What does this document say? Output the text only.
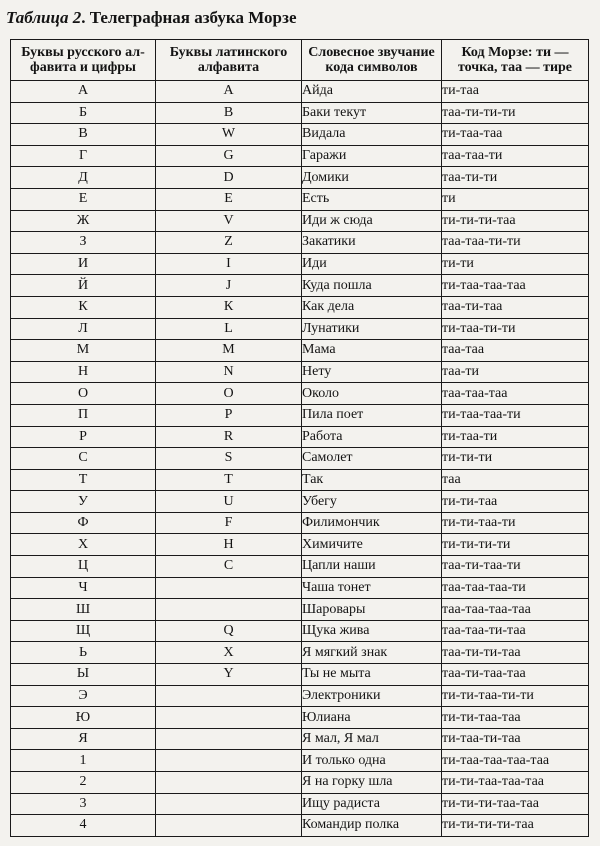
Таблица 2. Телеграфная азбука Морзе
Буквы русского ал-
фавита и цифры	Буквы латинского
алфавита	Словесное звучание
кода символов	Код Морзе: ти —
точка, таа — тире
А	А	Айда	ти-таа
Б	В	Баки текут	таа-ти-ти-ти
В	W	Видала	ти-таа-таа
Г	G	Гаражи	таа-таа-ти
Д	D	Домики	таа-ти-ти
Е	Е	Есть	ти
Ж	V	Иди ж сюда	ти-ти-ти-таа
З	Z	Закатики	таа-таа-ти-ти
И	I	Иди	ти-ти
Й	J	Куда пошла	ти-таа-таа-таа
К	К	Как дела	таа-ти-таа
Л	L	Лунатики	ти-таа-ти-ти
М	М	Мама	таа-таа
Н	N	Нету	таа-ти
О	О	Около	таа-таа-таа
П	Р	Пила поет	ти-таа-таа-ти
Р	R	Работа	ти-таа-ти
С	S	Самолет	ти-ти-ти
Т	Т	Так	таа
У	U	Убегу	ти-ти-таа
Ф	F	Филимончик	ти-ти-таа-ти
Х	Н	Химичите	ти-ти-ти-ти
Ц	С	Цапли наши	таа-ти-таа-ти
Ч		Чаша тонет	таа-таа-таа-ти
Ш		Шаровары	таа-таа-таа-таа
Щ	Q	Щука жива	таа-таа-ти-таа
Ь	X	Я мягкий знак	таа-ти-ти-таа
Ы	Y	Ты не мыта	таа-ти-таа-таа
Э		Электроники	ти-ти-таа-ти-ти
Ю		Юлиана	ти-ти-таа-таа
Я		Я мал, Я мал	ти-таа-ти-таа
1		И только одна	ти-таа-таа-таа-таа
2		Я на горку шла	ти-ти-таа-таа-таа
3		Ищу радиста	ти-ти-ти-таа-таа
4		Командир полка	ти-ти-ти-ти-таа
